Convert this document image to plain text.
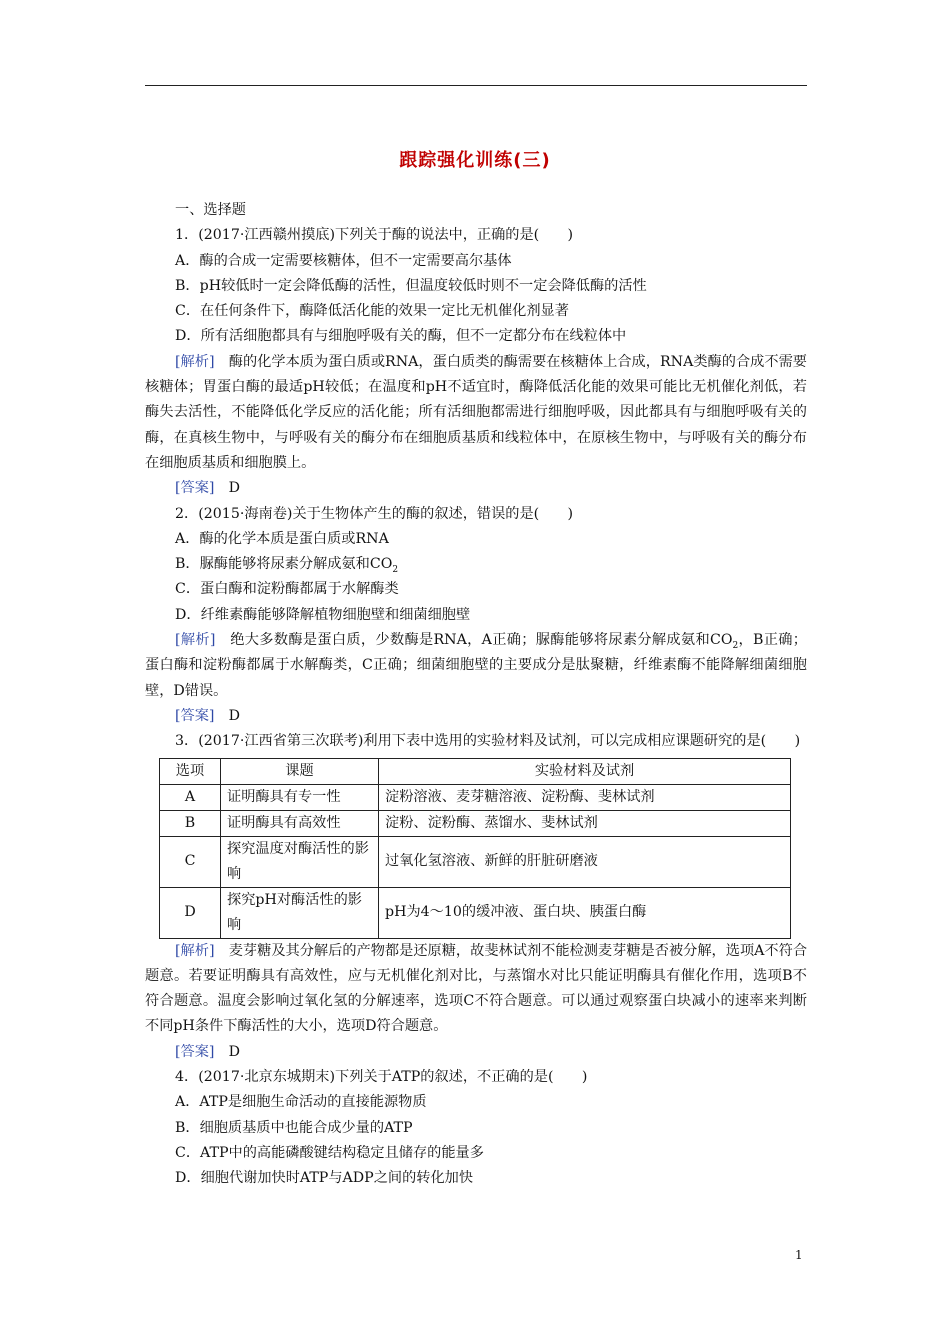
跟踪强化训练(三)
一、选择题
1．(2017·江西赣州摸底)下列关于酶的说法中，正确的是(　　)
A．酶的合成一定需要核糖体，但不一定需要高尔基体
B．pH较低时一定会降低酶的活性，但温度较低时则不一定会降低酶的活性
C．在任何条件下，酶降低活化能的效果一定比无机催化剂显著
D．所有活细胞都具有与细胞呼吸有关的酶，但不一定都分布在线粒体中
[解析]　酶的化学本质为蛋白质或RNA，蛋白质类的酶需要在核糖体上合成，RNA类酶的合成不需要核糖体；胃蛋白酶的最适pH较低；在温度和pH不适宜时，酶降低活化能的效果可能比无机催化剂低，若酶失去活性，不能降低化学反应的活化能；所有活细胞都需进行细胞呼吸，因此都具有与细胞呼吸有关的酶，在真核生物中，与呼吸有关的酶分布在细胞质基质和线粒体中，在原核生物中，与呼吸有关的酶分布在细胞质基质和细胞膜上。
[答案]　D
2．(2015·海南卷)关于生物体产生的酶的叙述，错误的是(　　)
A．酶的化学本质是蛋白质或RNA
B．脲酶能够将尿素分解成氨和$CO_2$
C．蛋白酶和淀粉酶都属于水解酶类
D．纤维素酶能够降解植物细胞壁和细菌细胞壁
[解析]　绝大多数酶是蛋白质，少数酶是RNA，A正确；脲酶能够将尿素分解成氨和$CO_2$，B正确；蛋白酶和淀粉酶都属于水解酶类，C正确；细菌细胞壁的主要成分是肽聚糖，纤维素酶不能降解细菌细胞壁，D错误。
[答案]　D
3．(2017·江西省第三次联考)利用下表中选用的实验材料及试剂，可以完成相应课题研究的是(　　)
选项	课题	实验材料及试剂
A	证明酶具有专一性	淀粉溶液、麦芽糖溶液、淀粉酶、斐林试剂
B	证明酶具有高效性	淀粉、淀粉酶、蒸馏水、斐林试剂
C	探究温度对酶活性的影响	过氧化氢溶液、新鲜的肝脏研磨液
D	探究pH对酶活性的影响	pH为4～10的缓冲液、蛋白块、胰蛋白酶
[解析]　麦芽糖及其分解后的产物都是还原糖，故斐林试剂不能检测麦芽糖是否被分解，选项A不符合题意。若要证明酶具有高效性，应与无机催化剂对比，与蒸馏水对比只能证明酶具有催化作用，选项B不符合题意。温度会影响过氧化氢的分解速率，选项C不符合题意。可以通过观察蛋白块减小的速率来判断不同pH条件下酶活性的大小，选项D符合题意。
[答案]　D
4．(2017·北京东城期末)下列关于ATP的叙述，不正确的是(　　)
A．ATP是细胞生命活动的直接能源物质
B．细胞质基质中也能合成少量的ATP
C．ATP中的高能磷酸键结构稳定且储存的能量多
D．细胞代谢加快时ATP与ADP之间的转化加快
1
